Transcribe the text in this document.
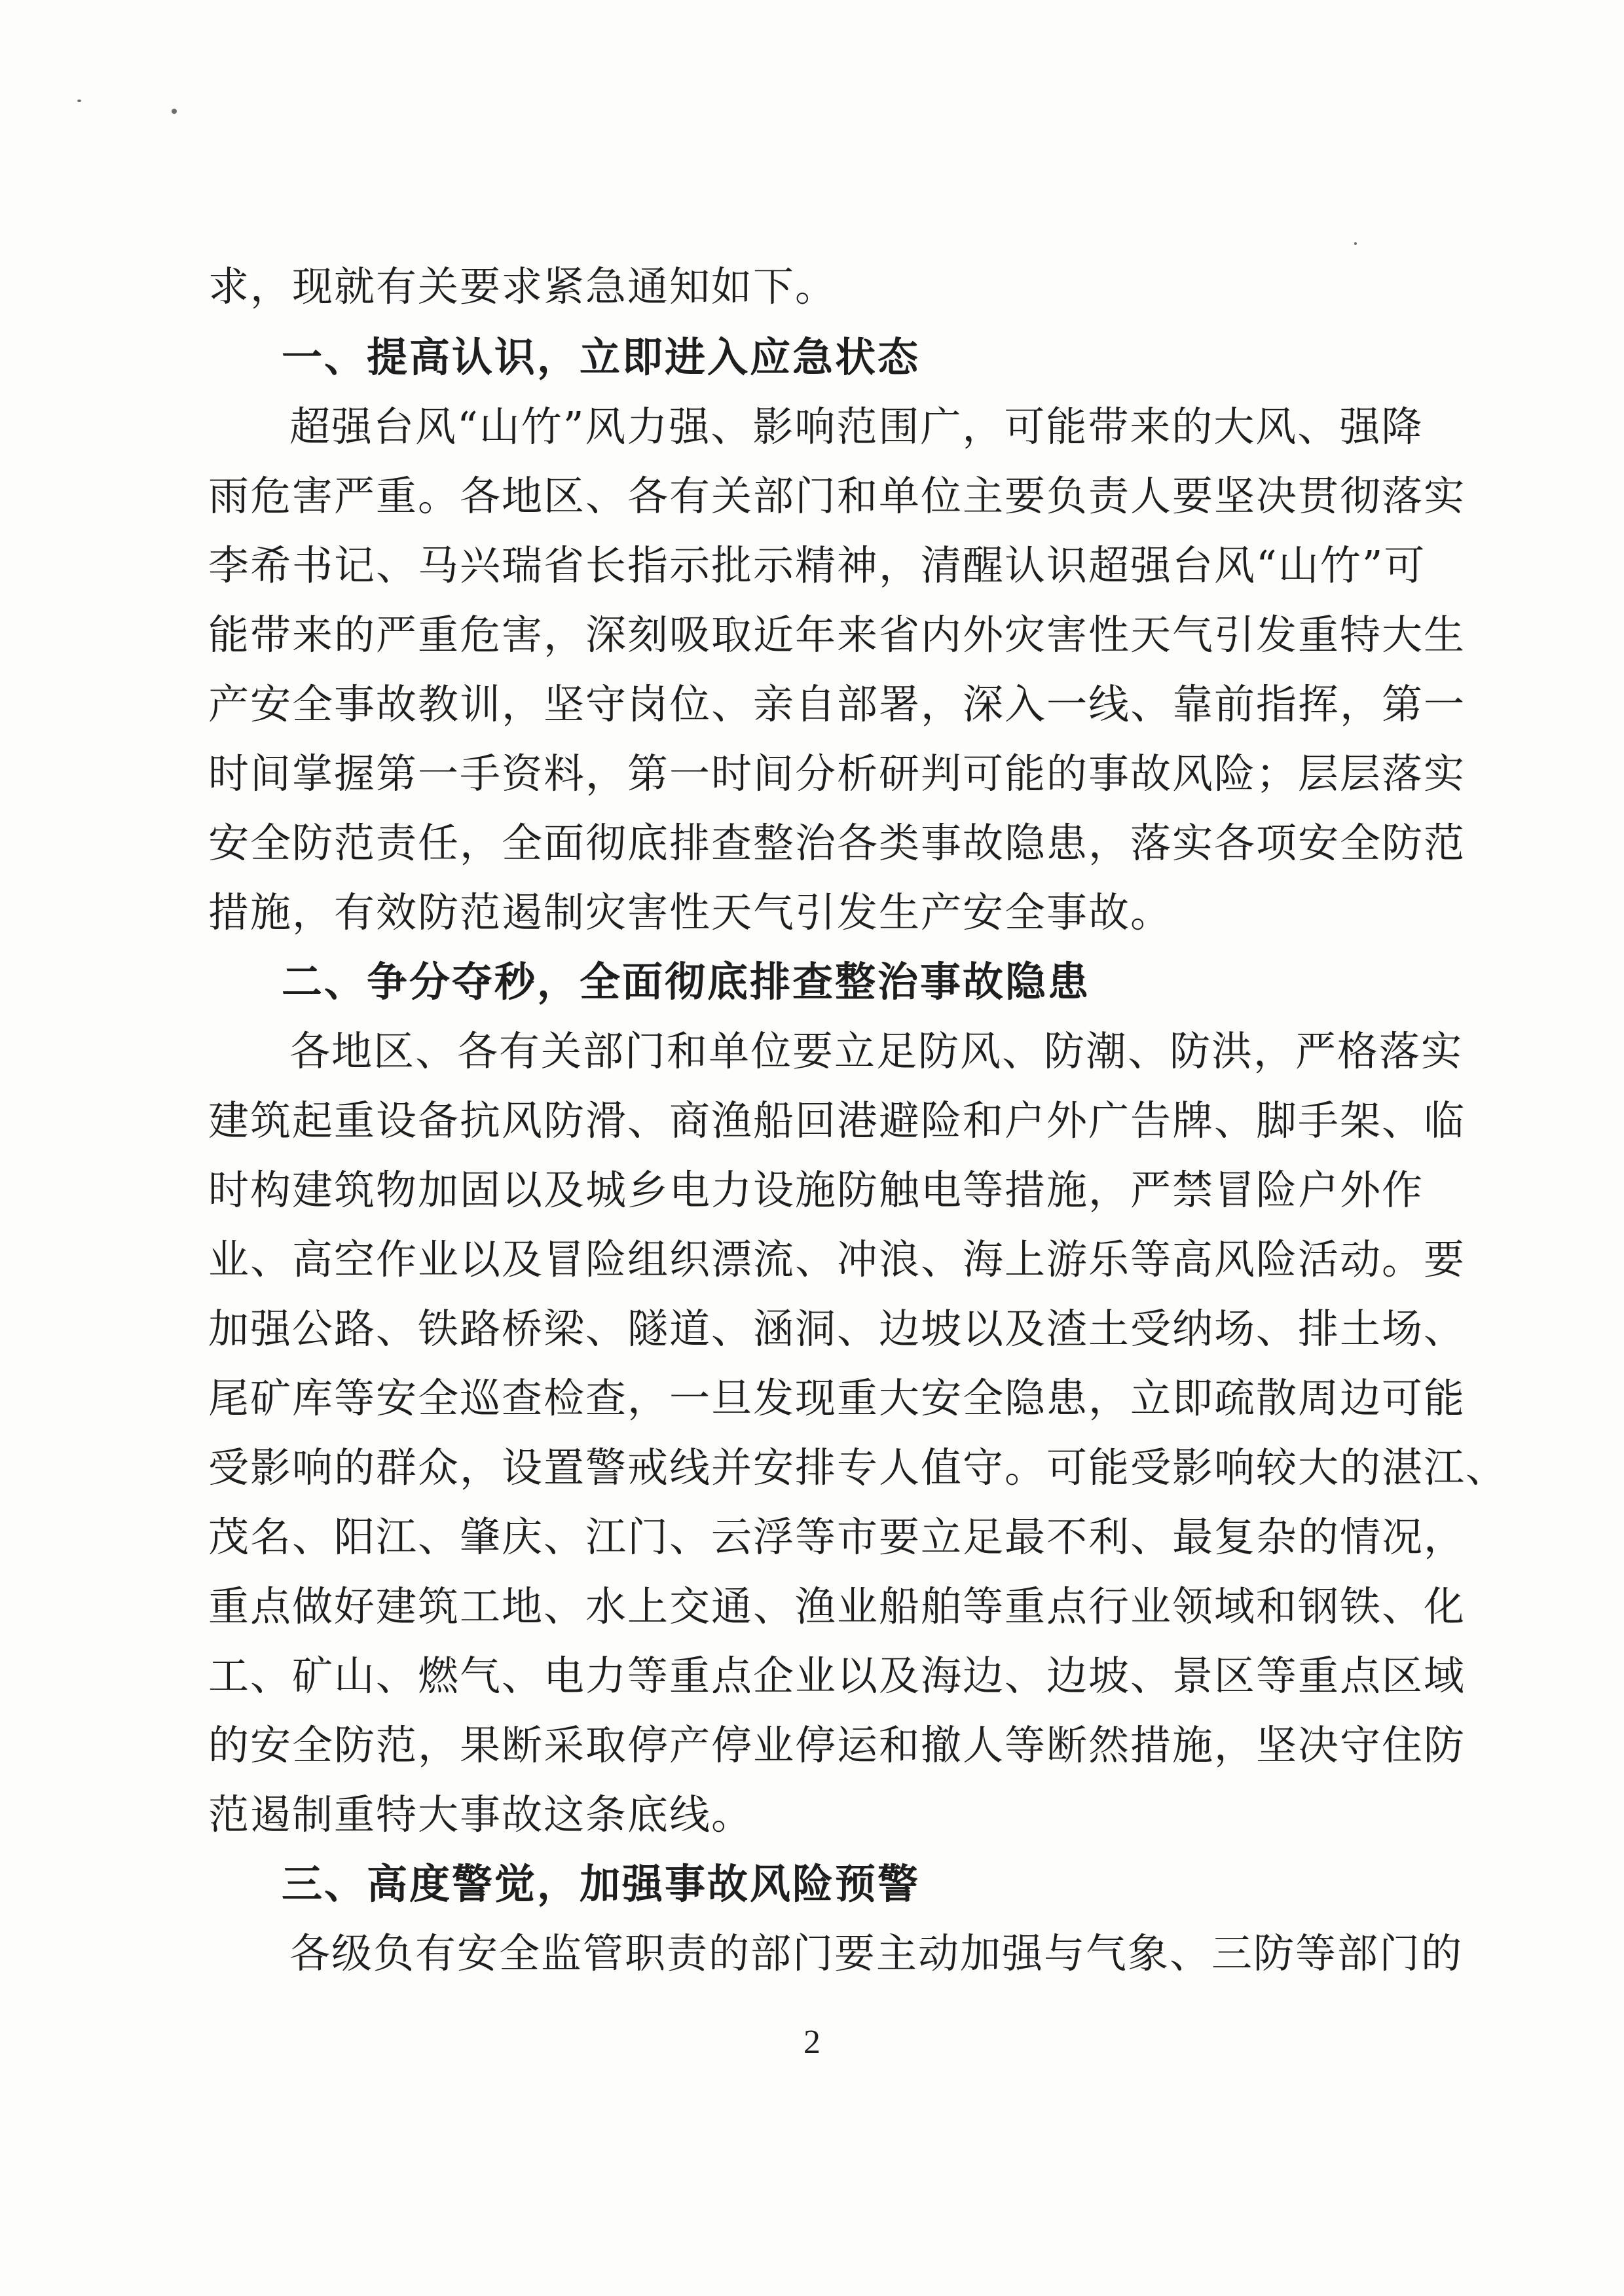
求，现就有关要求紧急通知如下。
一、提高认识，立即进入应急状态
超强台风“山竹”风力强、影响范围广，可能带来的大风、强降
雨危害严重。各地区、各有关部门和单位主要负责人要坚决贯彻落实
李希书记、马兴瑞省长指示批示精神，清醒认识超强台风“山竹”可
能带来的严重危害，深刻吸取近年来省内外灾害性天气引发重特大生
产安全事故教训，坚守岗位、亲自部署，深入一线、靠前指挥，第一
时间掌握第一手资料，第一时间分析研判可能的事故风险；层层落实
安全防范责任，全面彻底排查整治各类事故隐患，落实各项安全防范
措施，有效防范遏制灾害性天气引发生产安全事故。
二、争分夺秒，全面彻底排查整治事故隐患
各地区、各有关部门和单位要立足防风、防潮、防洪，严格落实
建筑起重设备抗风防滑、商渔船回港避险和户外广告牌、脚手架、临
时构建筑物加固以及城乡电力设施防触电等措施，严禁冒险户外作
业、高空作业以及冒险组织漂流、冲浪、海上游乐等高风险活动。要
加强公路、铁路桥梁、隧道、涵洞、边坡以及渣土受纳场、排土场、
尾矿库等安全巡查检查，一旦发现重大安全隐患，立即疏散周边可能
受影响的群众，设置警戒线并安排专人值守。可能受影响较大的湛江、
茂名、阳江、肇庆、江门、云浮等市要立足最不利、最复杂的情况，
重点做好建筑工地、水上交通、渔业船舶等重点行业领域和钢铁、化
工、矿山、燃气、电力等重点企业以及海边、边坡、景区等重点区域
的安全防范，果断采取停产停业停运和撤人等断然措施，坚决守住防
范遏制重特大事故这条底线。
三、高度警觉，加强事故风险预警
各级负有安全监管职责的部门要主动加强与气象、三防等部门的
2
